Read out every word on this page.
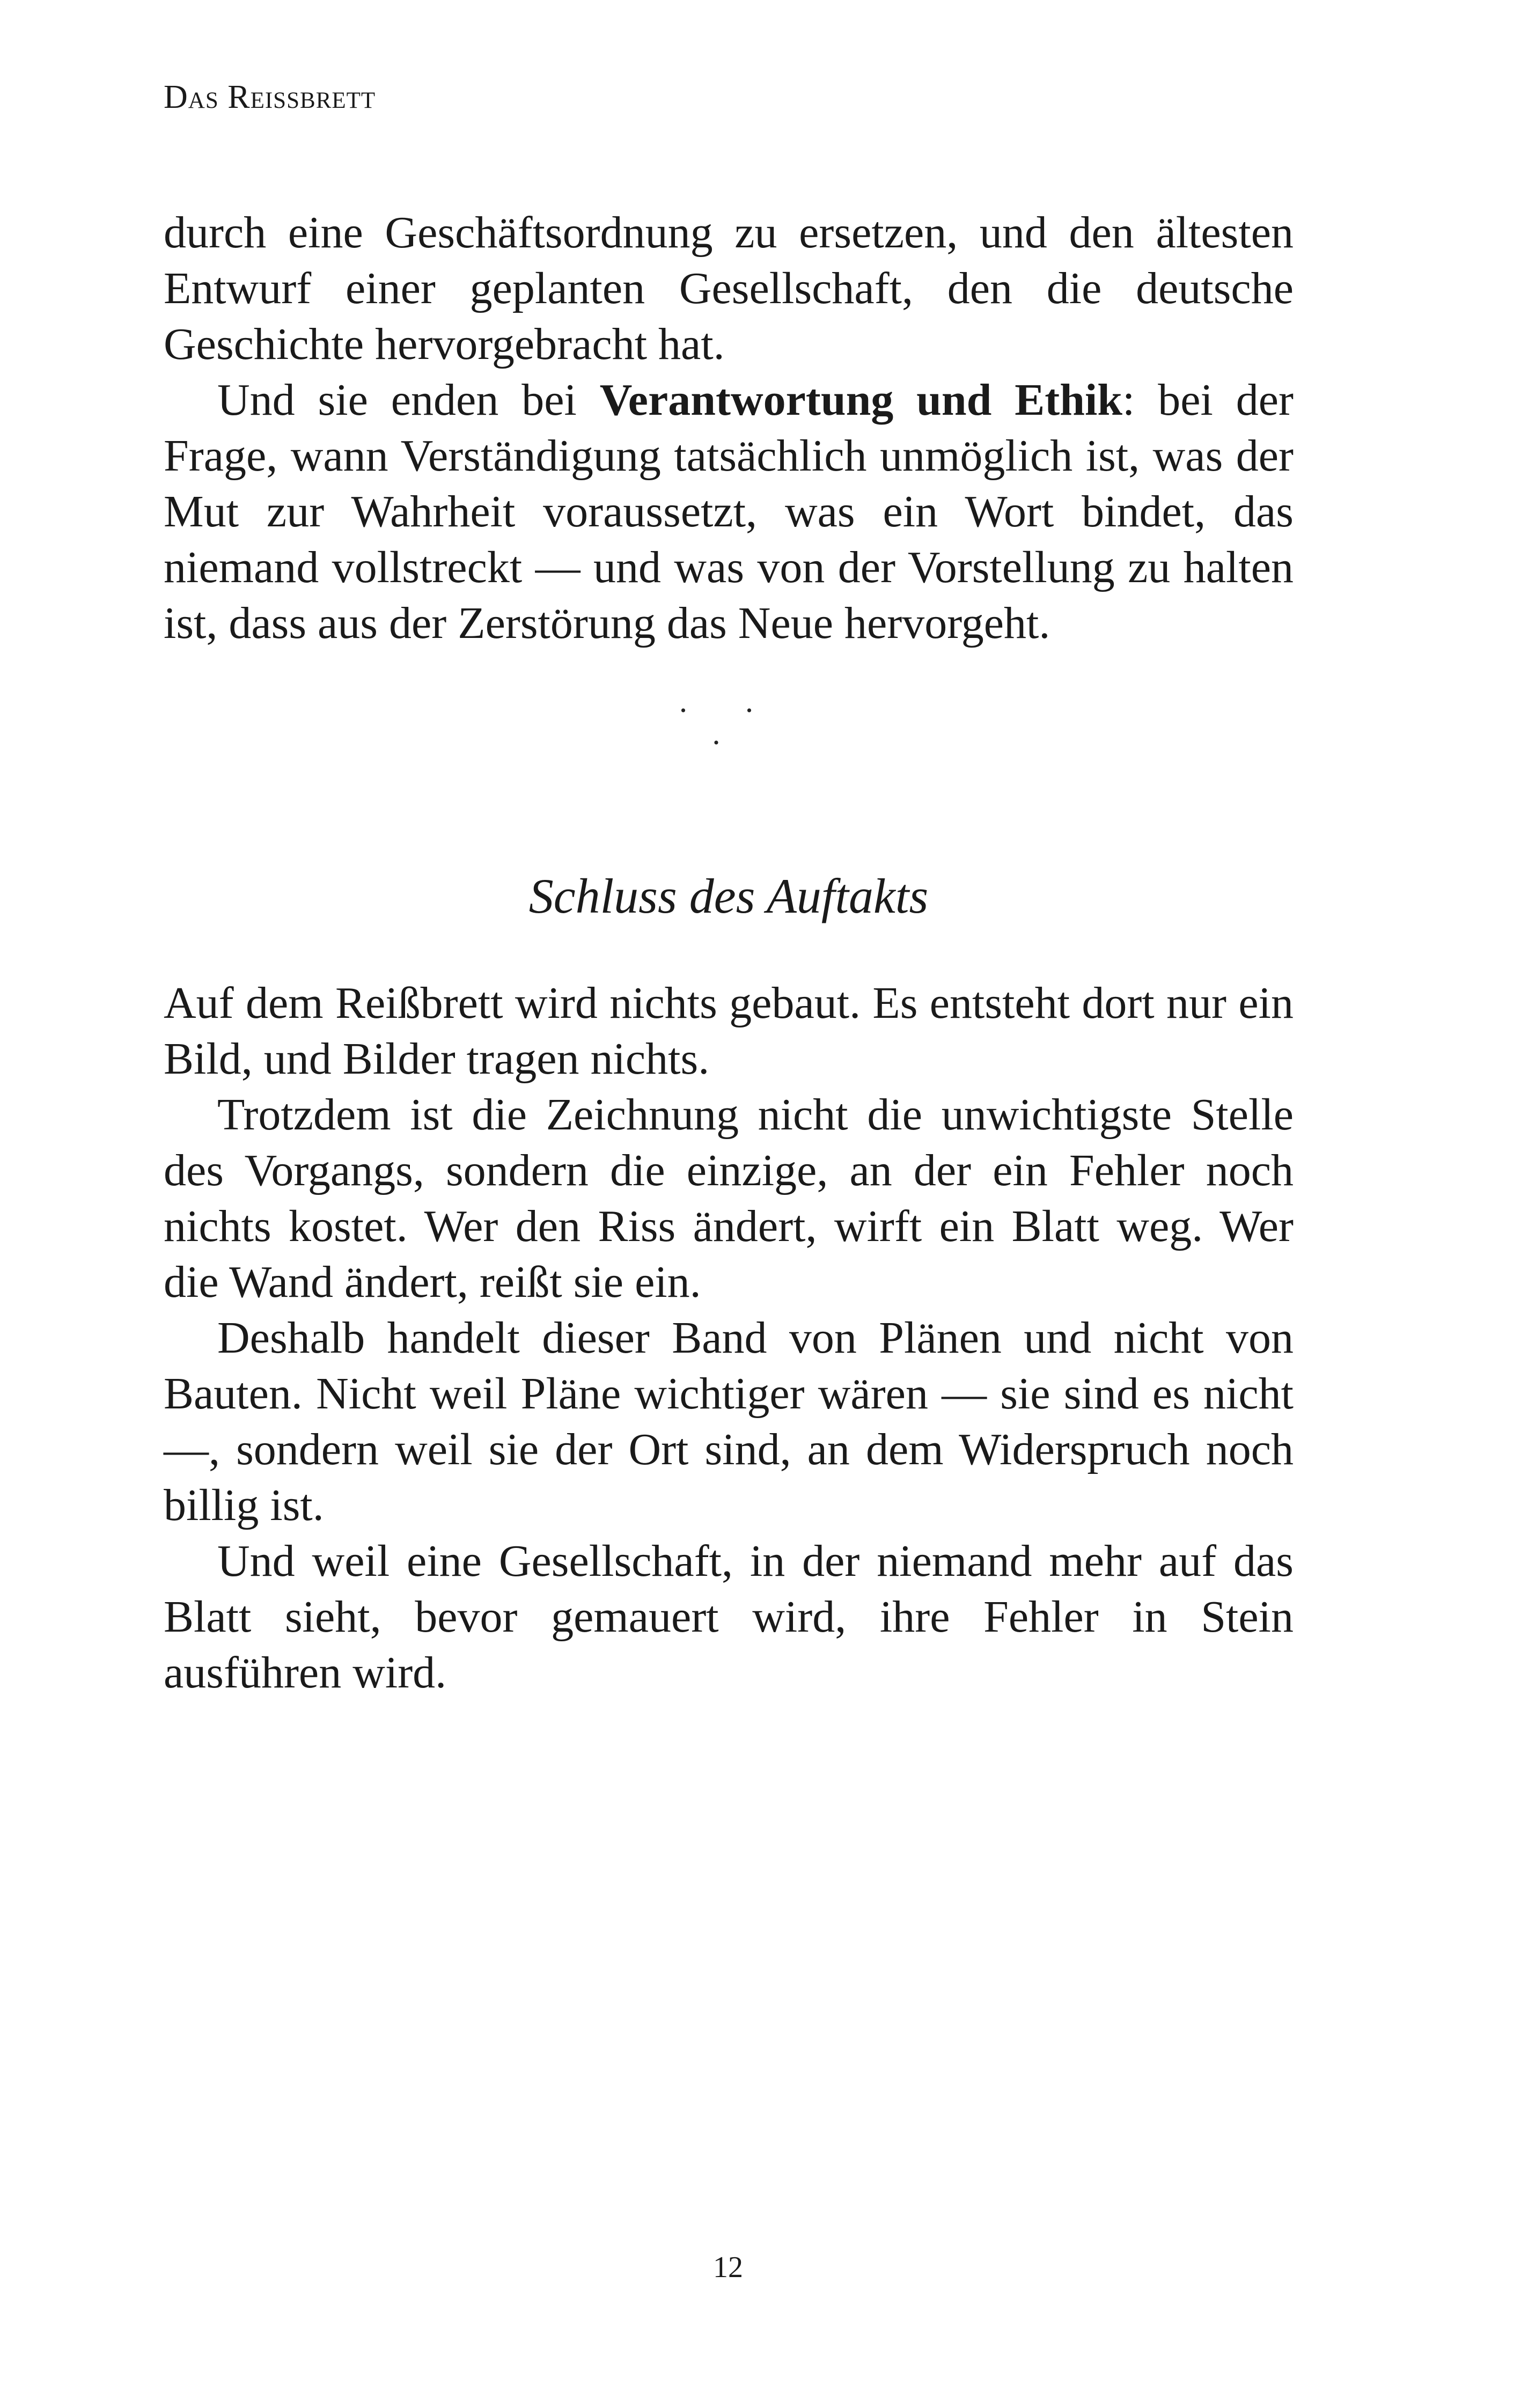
Das Reissbrett

durch eine Geschäftsordnung zu ersetzen, und den ältesten Entwurf einer geplanten Gesellschaft, den die deutsche Geschichte hervorgebracht hat.

Und sie enden bei Verantwortung und Ethik: bei der Frage, wann Verständigung tatsächlich unmöglich ist, was der Mut zur Wahrheit voraussetzt, was ein Wort bindet, das niemand vollstreckt — und was von der Vorstellung zu halten ist, dass aus der Zerstörung das Neue hervorgeht.

· · ·
Schluss des Auftakts

Auf dem Reißbrett wird nichts gebaut. Es entsteht dort nur ein Bild, und Bilder tragen nichts.

Trotzdem ist die Zeichnung nicht die unwichtigste Stelle des Vorgangs, sondern die einzige, an der ein Fehler noch nichts kostet. Wer den Riss ändert, wirft ein Blatt weg. Wer die Wand ändert, reißt sie ein.

Deshalb handelt dieser Band von Plänen und nicht von Bauten. Nicht weil Pläne wichtiger wären — sie sind es nicht —, sondern weil sie der Ort sind, an dem Widerspruch noch billig ist.

Und weil eine Gesellschaft, in der niemand mehr auf das Blatt sieht, bevor gemauert wird, ihre Fehler in Stein ausführen wird.

12
